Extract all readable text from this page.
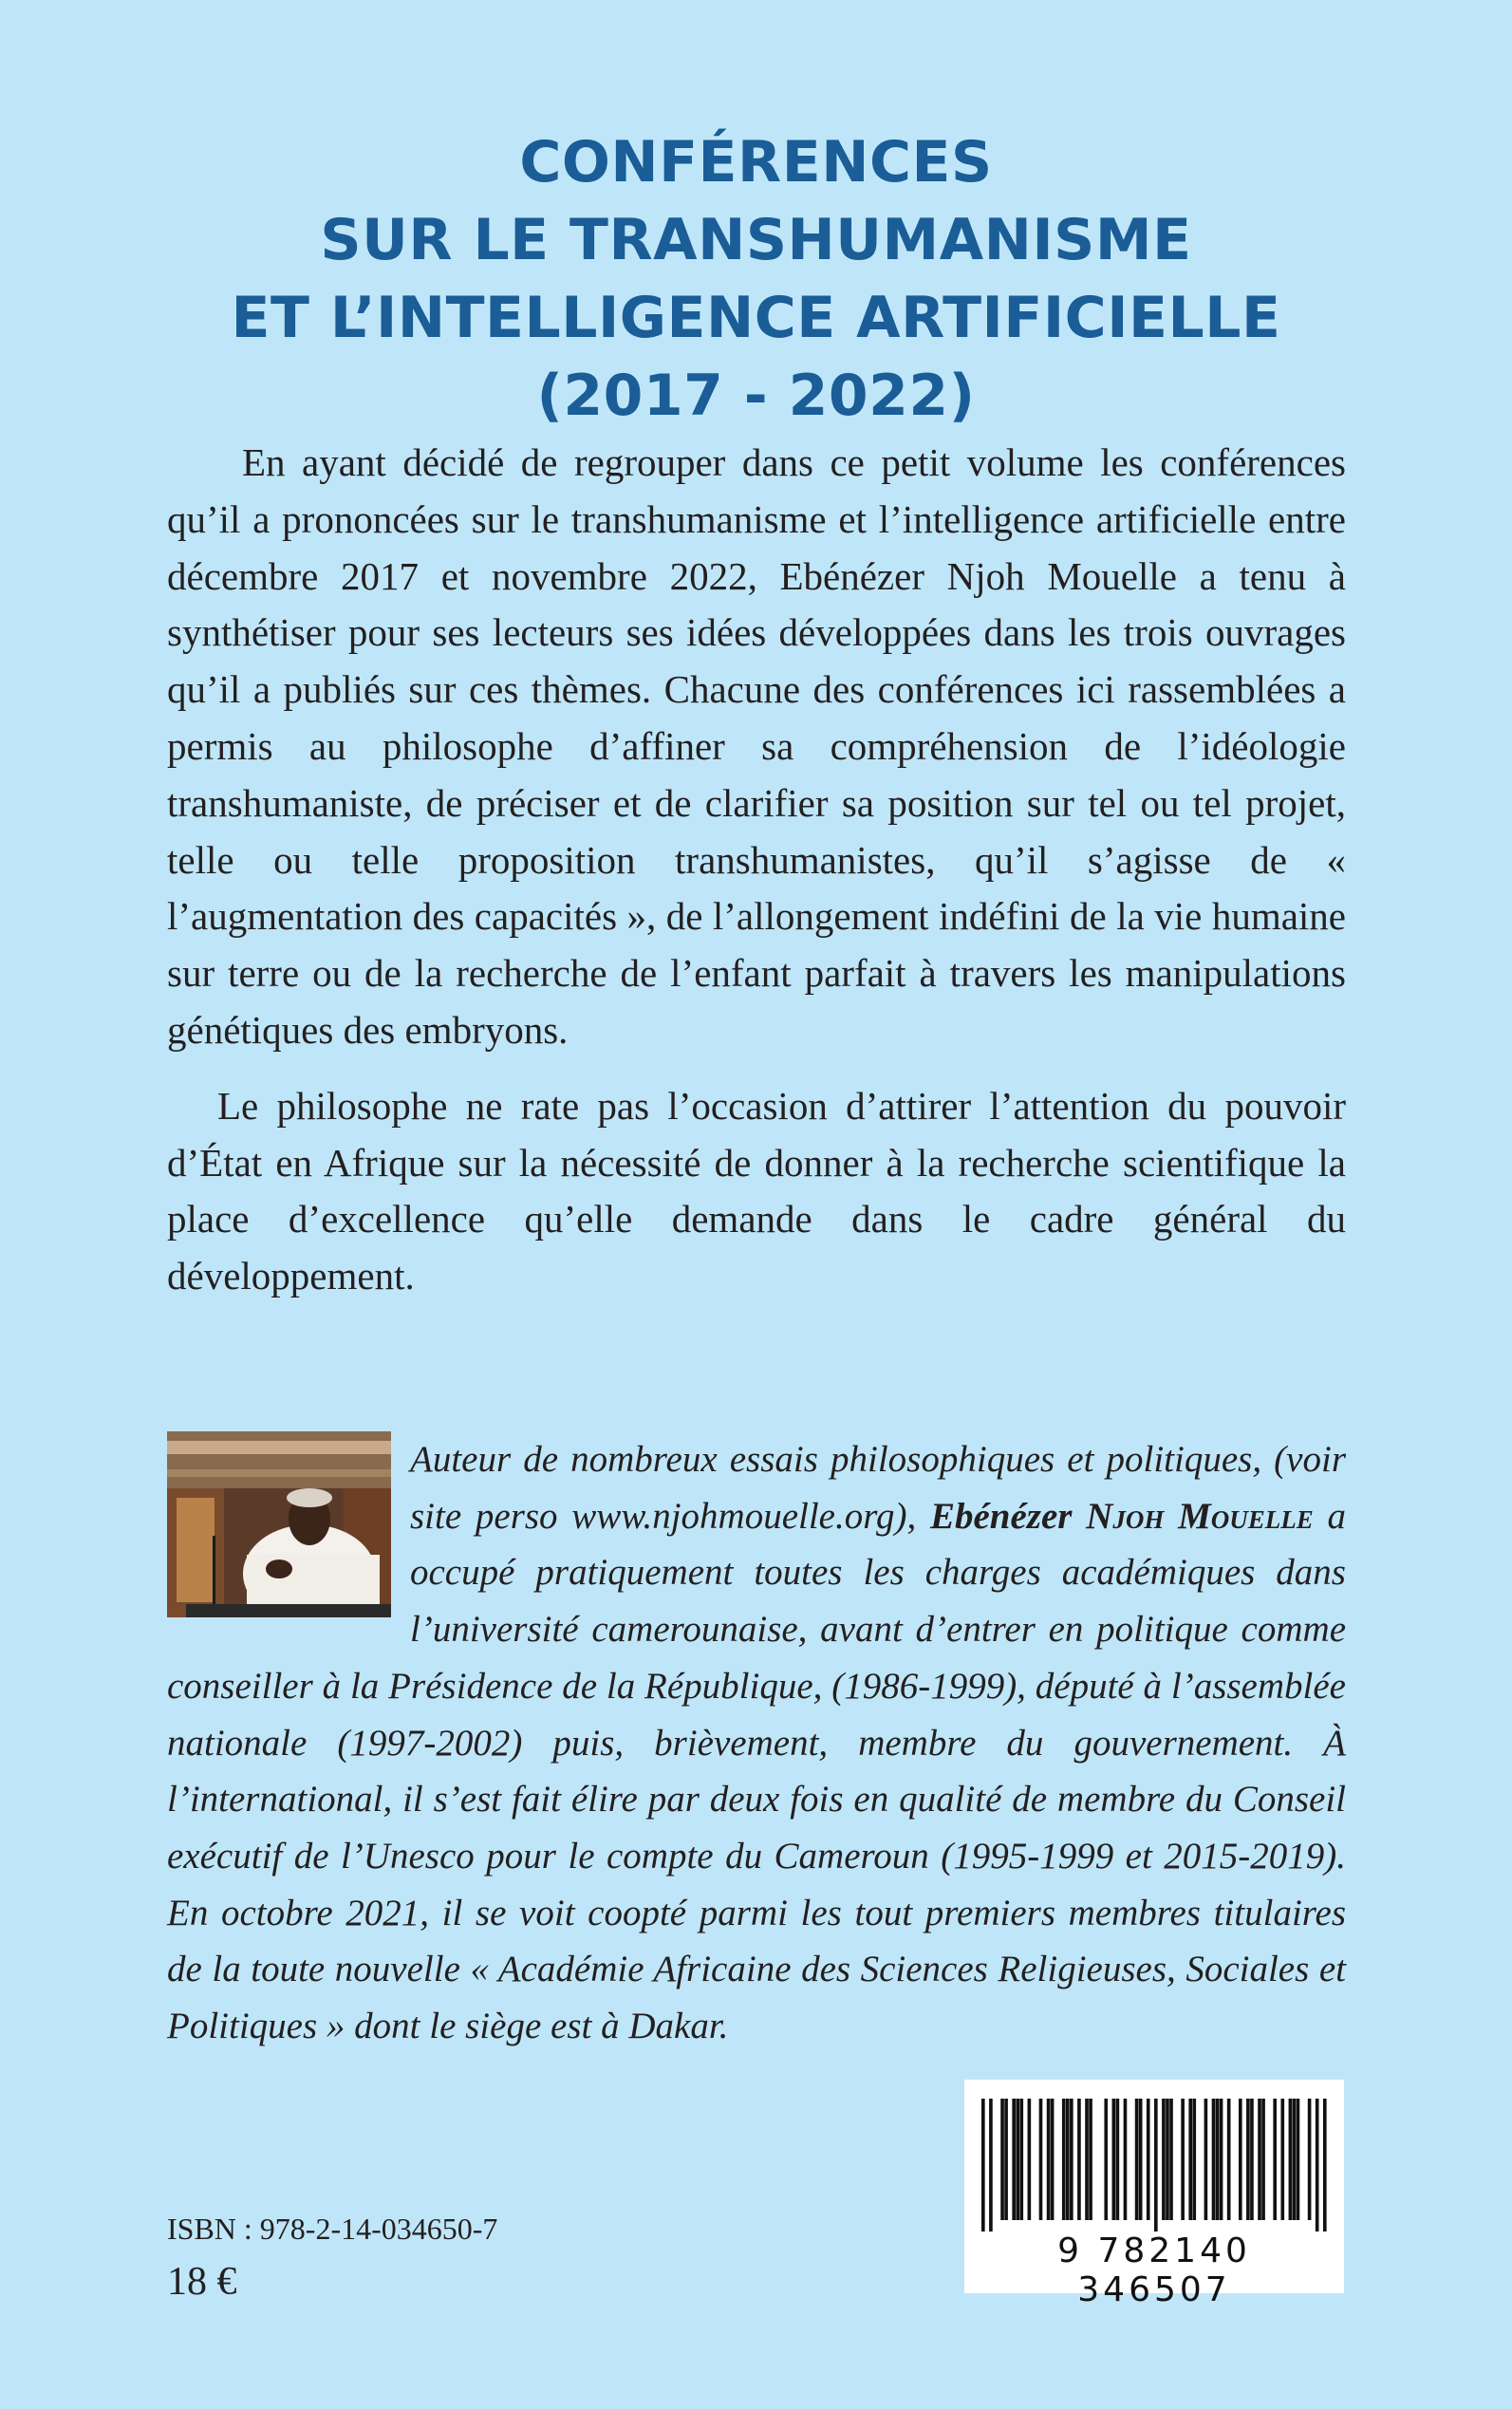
CONFÉRENCES
SUR LE TRANSHUMANISME
ET L’INTELLIGENCE ARTIFICIELLE
(2017 - 2022)

En ayant décidé de regrouper dans ce petit volume les conférences qu’il a prononcées sur le transhumanisme et l’intelligence artificielle entre décembre 2017 et novembre 2022, Ebénézer Njoh Mouelle a tenu à synthétiser pour ses lecteurs ses idées développées dans les trois ouvrages qu’il a publiés sur ces thèmes. Chacune des conférences ici rassemblées a permis au philosophe d’affiner sa compréhension de l’idéologie transhumaniste, de préciser et de clarifier sa position sur tel ou tel projet, telle ou telle proposition transhumanistes, qu’il s’agisse de « l’augmentation des capacités », de l’allongement indéfini de la vie humaine sur terre ou de la recherche de l’enfant parfait à travers les manipulations génétiques des embryons.

Le philosophe ne rate pas l’occasion d’attirer l’attention du pouvoir d’État en Afrique sur la nécessité de donner à la recherche scientifique la place d’excellence qu’elle demande dans le cadre général du développement.

Auteur de nombreux essais philosophiques et politiques, (voir site perso www.njohmouelle.org), Ebénézer Njoh Mouelle a occupé pratiquement toutes les charges académiques dans l’université camerounaise, avant d’entrer en politique comme conseiller à la Présidence de la République, (1986-1999), député à l’assemblée nationale (1997-2002) puis, brièvement, membre du gouvernement. À l’international, il s’est fait élire par deux fois en qualité de membre du Conseil exécutif de l’Unesco pour le compte du Cameroun (1995-1999 et 2015-2019). En octobre 2021, il se voit coopté parmi les tout premiers membres titulaires de la toute nouvelle « Académie Africaine des Sciences Religieuses, Sociales et Politiques » dont le siège est à Dakar.

ISBN : 978-2-14-034650-7
18 €
9 782140 346507
